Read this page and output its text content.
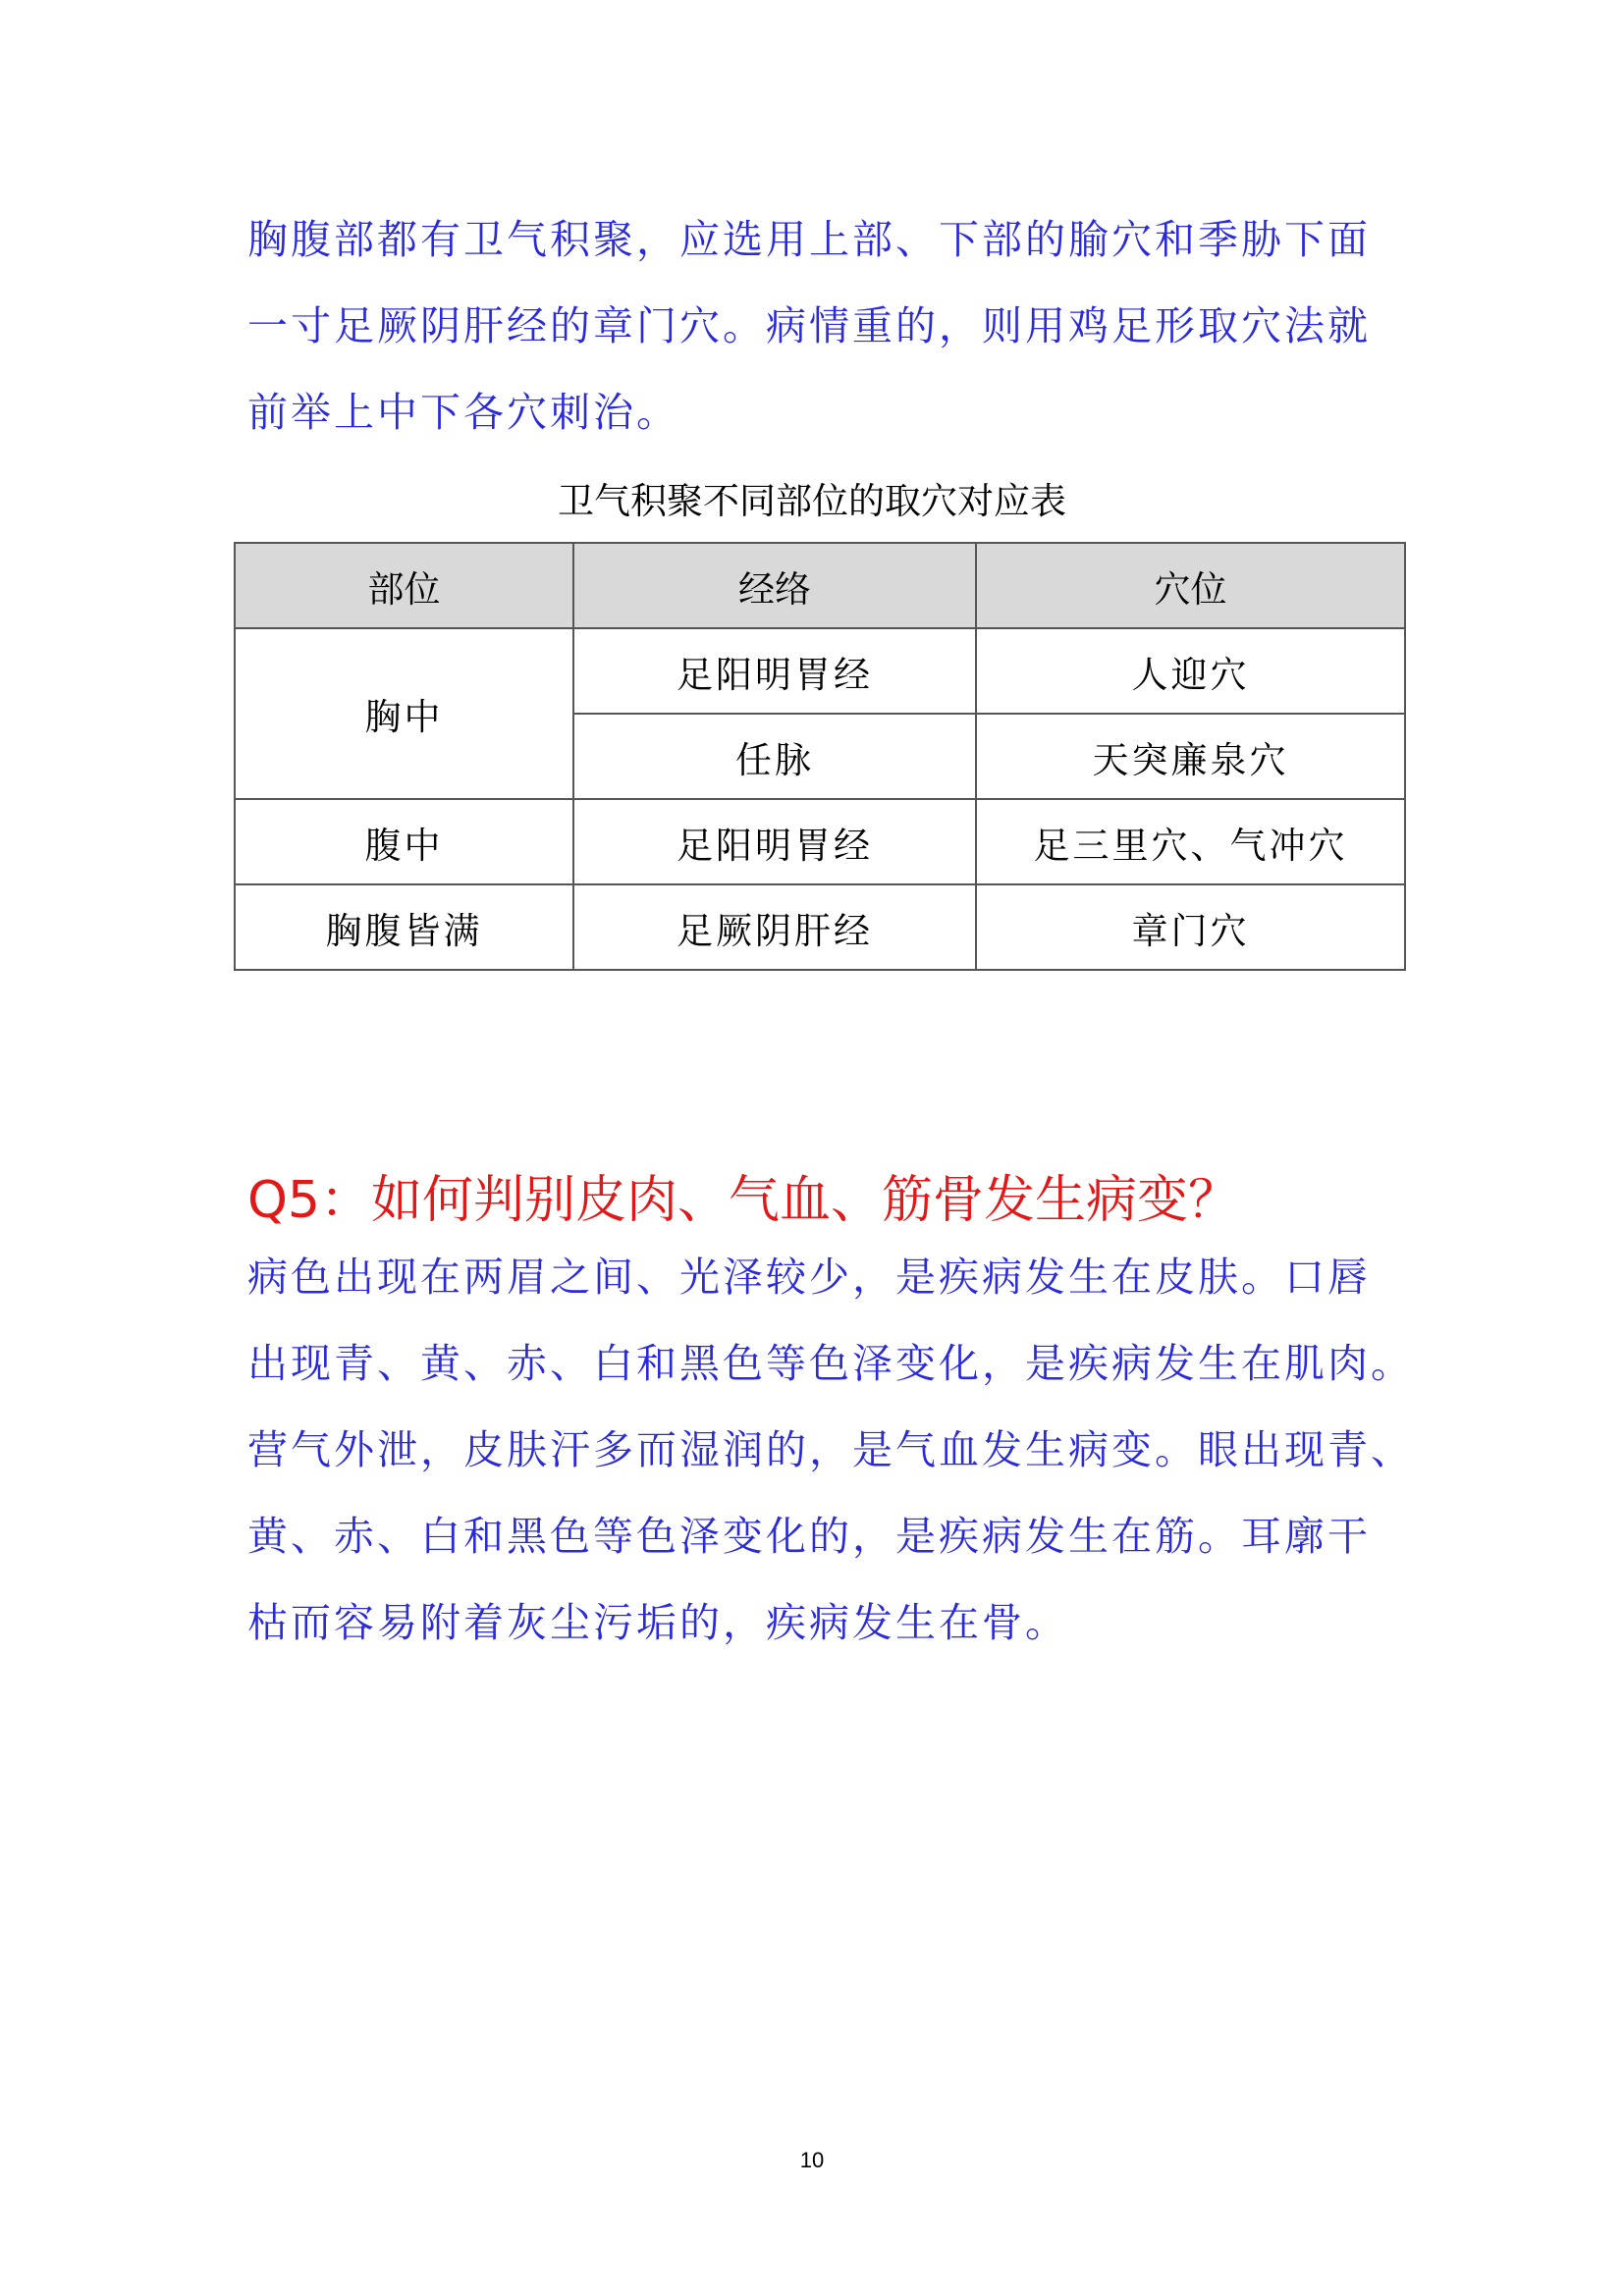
胸腹部都有卫气积聚，应选用上部、下部的腧穴和季胁下面
一寸足厥阴肝经的章门穴。病情重的，则用鸡足形取穴法就
前举上中下各穴刺治。

卫气积聚不同部位的取穴对应表
部位	经络	穴位
胸中	足阳明胃经	人迎穴
	任脉	天突廉泉穴
腹中	足阳明胃经	足三里穴、气冲穴
胸腹皆满	足厥阴肝经	章门穴
Q5：如何判别皮肉、气血、筋骨发生病变？

病色出现在两眉之间、光泽较少，是疾病发生在皮肤。口唇
出现青、黄、赤、白和黑色等色泽变化，是疾病发生在肌肉。
营气外泄，皮肤汗多而湿润的，是气血发生病变。眼出现青、
黄、赤、白和黑色等色泽变化的，是疾病发生在筋。耳廓干
枯而容易附着灰尘污垢的，疾病发生在骨。

10
